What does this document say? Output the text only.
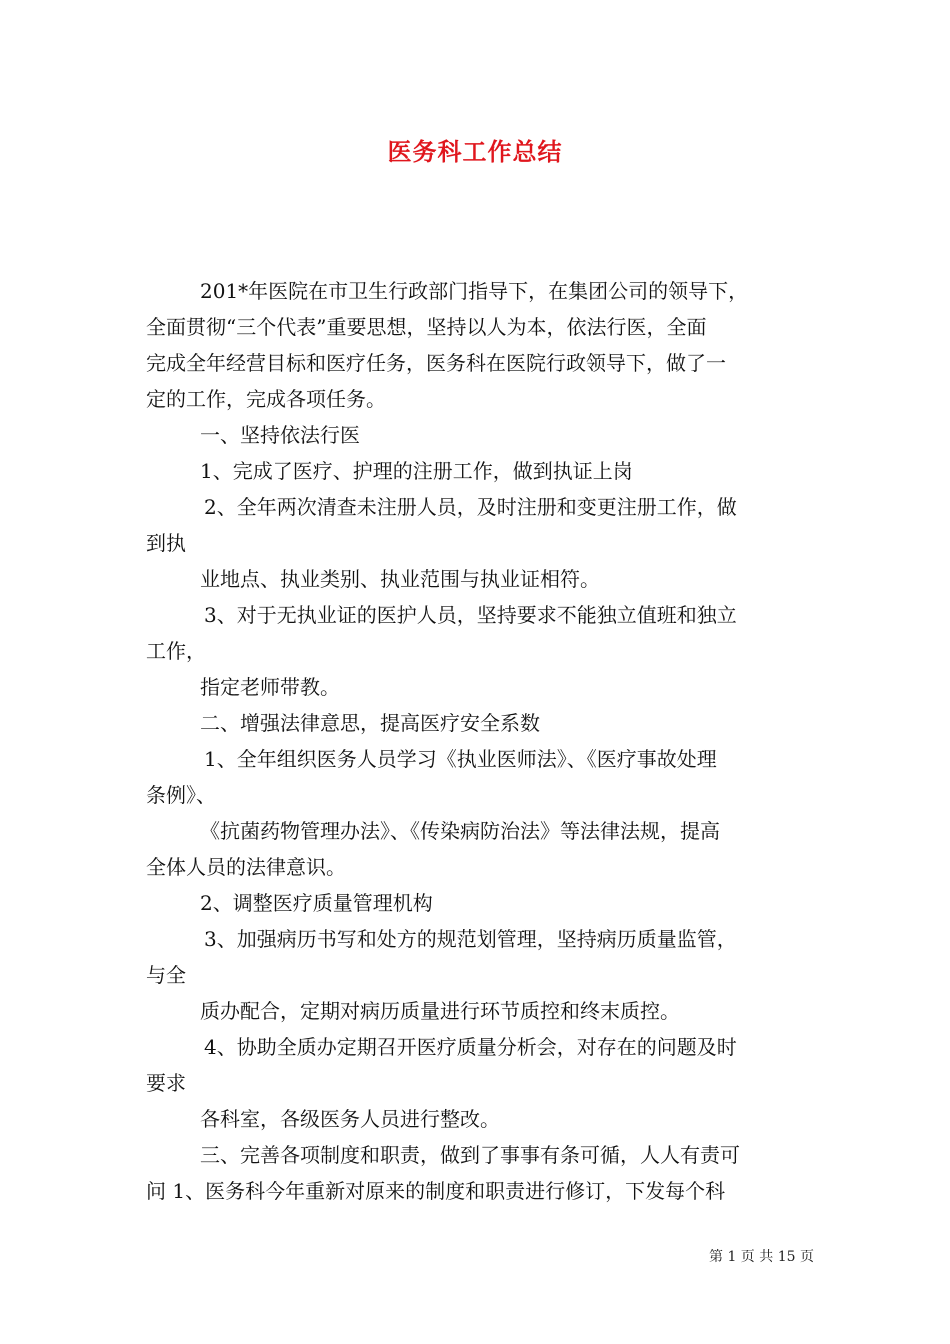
医务科工作总结
201*年医院在市卫生行政部门指导下，在集团公司的领导下，
全面贯彻“三个代表”重要思想，坚持以人为本，依法行医，全面
完成全年经营目标和医疗任务，医务科在医院行政领导下，做了一
定的工作，完成各项任务。
一、坚持依法行医
1、完成了医疗、护理的注册工作，做到执证上岗
2、全年两次清查未注册人员，及时注册和变更注册工作，做
到执
业地点、执业类别、执业范围与执业证相符。
3、对于无执业证的医护人员，坚持要求不能独立值班和独立
工作，
指定老师带教。
二、增强法律意思，提高医疗安全系数
1、全年组织医务人员学习《执业医师法》、《医疗事故处理
条例》、
《抗菌药物管理办法》、《传染病防治法》等法律法规，提高
全体人员的法律意识。
2、调整医疗质量管理机构
3、加强病历书写和处方的规范划管理，坚持病历质量监管，
与全
质办配合，定期对病历质量进行环节质控和终末质控。
4、协助全质办定期召开医疗质量分析会，对存在的问题及时
要求
各科室，各级医务人员进行整改。
三、完善各项制度和职责，做到了事事有条可循，人人有责可
问 1、医务科今年重新对原来的制度和职责进行修订，下发每个科
第 1 页 共 15 页
